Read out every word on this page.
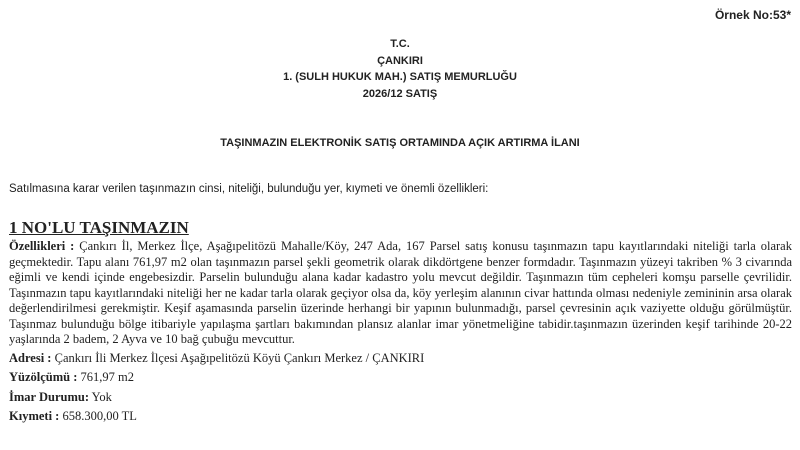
Örnek No:53*
T.C.
ÇANKIRI
1. (SULH HUKUK MAH.) SATIŞ MEMURLUĞU
2026/12 SATIŞ
TAŞINMAZIN ELEKTRONİK SATIŞ ORTAMINDA AÇIK ARTIRMA İLANI
Satılmasına karar verilen taşınmazın cinsi, niteliği, bulunduğu yer, kıymeti ve önemli özellikleri:
1 NO'LU TAŞINMAZIN

Özellikleri : Çankırı İl, Merkez İlçe, Aşağıpelitözü Mahalle/Köy, 247 Ada, 167 Parsel satış konusu taşınmazın tapu kayıtlarındaki niteliği tarla olarak geçmektedir. Tapu alanı 761,97 m2 olan taşınmazın parsel şekli geometrik olarak dikdörtgene benzer formdadır. Taşınmazın yüzeyi takriben % 3 civarında eğimli ve kendi içinde engebesizdir. Parselin bulunduğu alana kadar kadastro yolu mevcut değildir. Taşınmazın tüm cepheleri komşu parselle çevrilidir. Taşınmazın tapu kayıtlarındaki niteliği her ne kadar tarla olarak geçiyor olsa da, köy yerleşim alanının civar hattında olması nedeniyle zemininin arsa olarak değerlendirilmesi gerekmiştir. Keşif aşamasında parselin üzerinde herhangi bir yapının bulunmadığı, parsel çevresinin açık vaziyette olduğu görülmüştür. Taşınmaz bulunduğu bölge itibariyle yapılaşma şartları bakımından plansız alanlar imar yönetmeliğine tabidir.taşınmazın üzerinden keşif tarihinde 20-22 yaşlarında 2 badem, 2 Ayva ve 10 bağ çubuğu mevcuttur.

Adresi : Çankırı İli Merkez İlçesi Aşağıpelitözü Köyü Çankırı Merkez / ÇANKIRI

Yüzölçümü : 761,97 m2

İmar Durumu: Yok

Kıymeti : 658.300,00 TL
